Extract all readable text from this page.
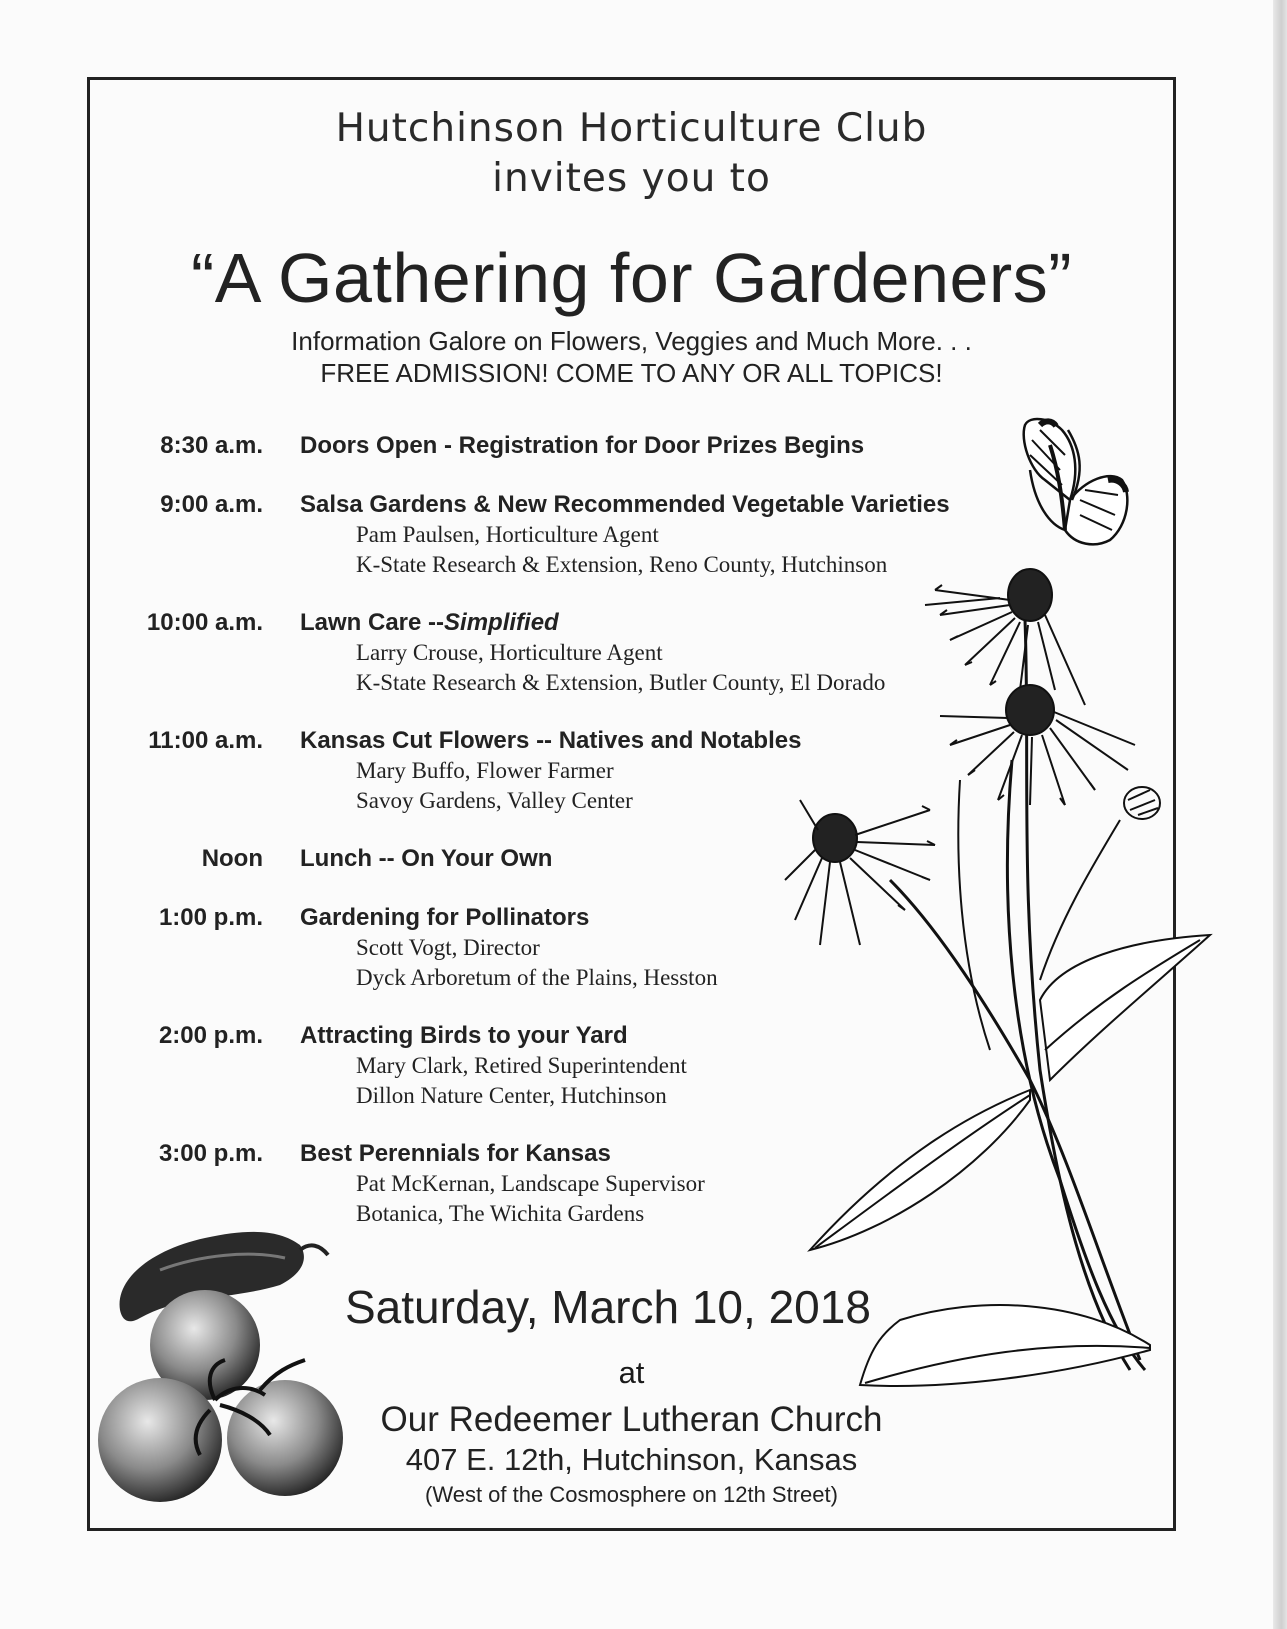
Hutchinson Horticulture Club
invites you to
“A Gathering for Gardeners”
Information Galore on Flowers, Veggies and Much More. . .
FREE ADMISSION! COME TO ANY OR ALL TOPICS!
8:30 a.m. Doors Open - Registration for Door Prizes Begins
9:00 a.m. Salsa Gardens & New Recommended Vegetable Varieties
Pam Paulsen, Horticulture Agent
K-State Research & Extension, Reno County, Hutchinson
10:00 a.m. Lawn Care --Simplified
Larry Crouse, Horticulture Agent
K-State Research & Extension, Butler County, El Dorado
11:00 a.m. Kansas Cut Flowers -- Natives and Notables
Mary Buffo, Flower Farmer
Savoy Gardens, Valley Center
Noon Lunch -- On Your Own
1:00 p.m. Gardening for Pollinators
Scott Vogt, Director
Dyck Arboretum of the Plains, Hesston
2:00 p.m. Attracting Birds to your Yard
Mary Clark, Retired Superintendent
Dillon Nature Center, Hutchinson
3:00 p.m. Best Perennials for Kansas
Pat McKernan, Landscape Supervisor
Botanica, The Wichita Gardens
Saturday, March 10, 2018
at
Our Redeemer Lutheran Church
407 E. 12th, Hutchinson, Kansas
(West of the Cosmosphere on 12th Street)
